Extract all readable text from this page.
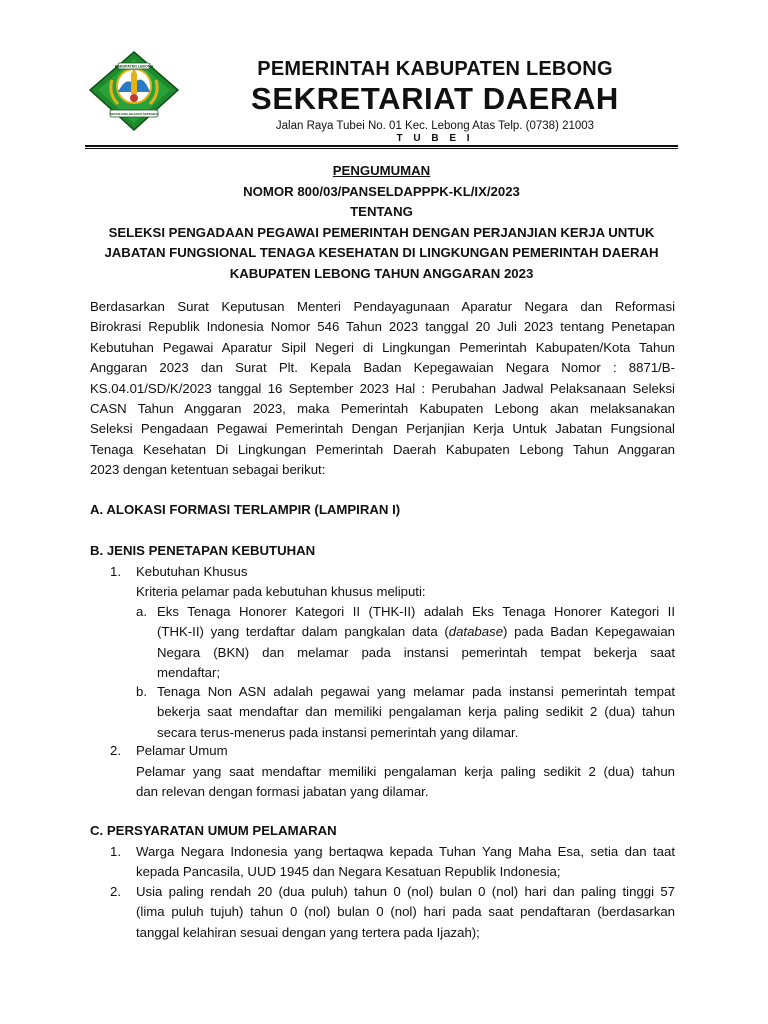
KABUPATEN LEBONG
SEPANJANG BEJANJI SEPANDAI
PEMERINTAH KABUPATEN LEBONG
SEKRETARIAT DAERAH
Jalan Raya Tubei No. 01 Kec. Lebong Atas Telp. (0738) 21003
T U B E I
PENGUMUMAN
NOMOR 800/03/PANSELDAPPPK-KL/IX/2023
TENTANG
SELEKSI PENGADAAN PEGAWAI PEMERINTAH DENGAN PERJANJIAN KERJA UNTUK
JABATAN FUNGSIONAL TENAGA KESEHATAN DI LINGKUNGAN PEMERINTAH DAERAH
KABUPATEN LEBONG TAHUN ANGGARAN 2023
Berdasarkan Surat Keputusan Menteri Pendayagunaan Aparatur Negara dan Reformasi
Birokrasi Republik Indonesia Nomor 546 Tahun 2023 tanggal 20 Juli 2023 tentang Penetapan
Kebutuhan Pegawai Aparatur Sipil Negeri di Lingkungan Pemerintah Kabupaten/Kota Tahun
Anggaran 2023 dan Surat Plt. Kepala Badan Kepegawaian Negara Nomor : 8871/B-
KS.04.01/SD/K/2023 tanggal 16 September 2023 Hal : Perubahan Jadwal Pelaksanaan Seleksi
CASN Tahun Anggaran 2023, maka Pemerintah Kabupaten Lebong akan melaksanakan
Seleksi Pengadaan Pegawai Pemerintah Dengan Perjanjian Kerja Untuk Jabatan Fungsional
Tenaga Kesehatan Di Lingkungan Pemerintah Daerah Kabupaten Lebong Tahun Anggaran
2023 dengan ketentuan sebagai berikut:
A. ALOKASI FORMASI TERLAMPIR (LAMPIRAN I)
B. JENIS PENETAPAN KEBUTUHAN
1. Kebutuhan Khusus
Kriteria pelamar pada kebutuhan khusus meliputi:
a. Eks Tenaga Honorer Kategori II (THK-II) adalah Eks Tenaga Honorer Kategori II
(THK-II) yang terdaftar dalam pangkalan data (database) pada Badan Kepegawaian
Negara (BKN) dan melamar pada instansi pemerintah tempat bekerja saat
mendaftar;
b. Tenaga Non ASN adalah pegawai yang melamar pada instansi pemerintah tempat
bekerja saat mendaftar dan memiliki pengalaman kerja paling sedikit 2 (dua) tahun
secara terus-menerus pada instansi pemerintah yang dilamar.
2. Pelamar Umum
Pelamar yang saat mendaftar memiliki pengalaman kerja paling sedikit 2 (dua) tahun
dan relevan dengan formasi jabatan yang dilamar.
C. PERSYARATAN UMUM PELAMARAN
1. Warga Negara Indonesia yang bertaqwa kepada Tuhan Yang Maha Esa, setia dan taat
kepada Pancasila, UUD 1945 dan Negara Kesatuan Republik Indonesia;
2. Usia paling rendah 20 (dua puluh) tahun 0 (nol) bulan 0 (nol) hari dan paling tinggi 57
(lima puluh tujuh) tahun 0 (nol) bulan 0 (nol) hari pada saat pendaftaran (berdasarkan
tanggal kelahiran sesuai dengan yang tertera pada Ijazah);
